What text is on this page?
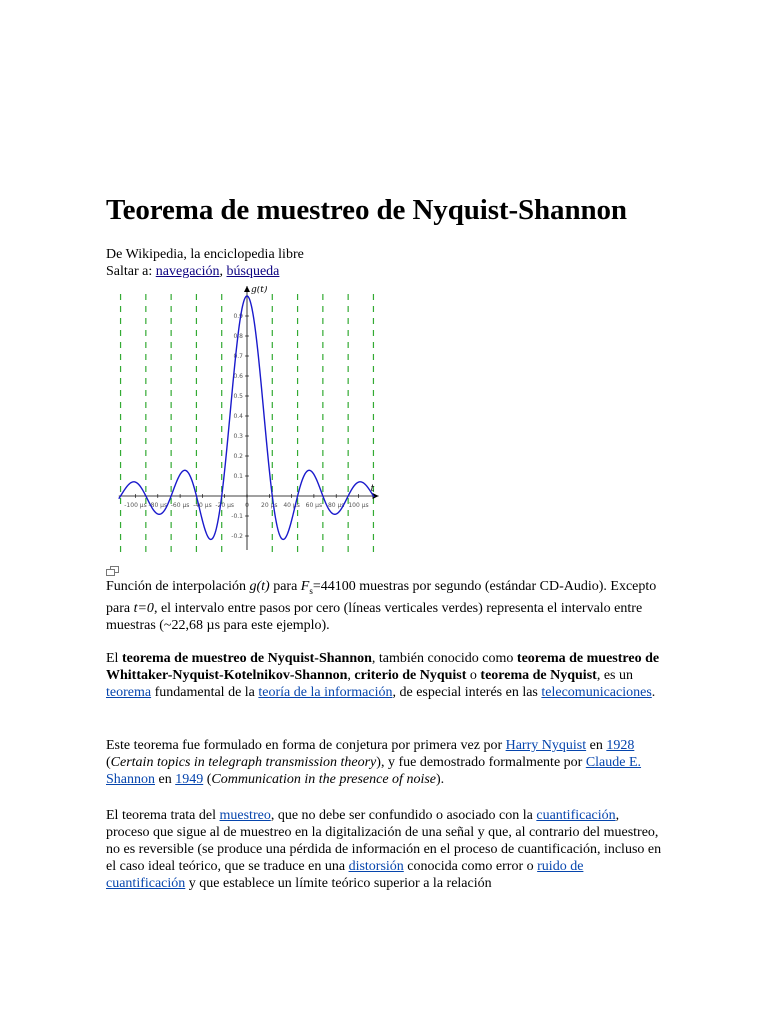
Teorema de muestreo de Nyquist-Shannon
De Wikipedia, la enciclopedia libre
Saltar a: navegación, búsqueda
0.9
0.8
0.7
0.6
0.5
0.4
0.3
0.2
0.1
-0.1
-0.2
-100 µs -80 µs -60 µs -40 µs -20 µs 0 20 µs 40 µs 60 µs 80 µs 100 µs
g(t)
t
Función de interpolación g(t) para $F_s=44100$ muestras por segundo (estándar CD-Audio). Excepto para t=0, el intervalo entre pasos por cero (líneas verticales verdes) representa el intervalo entre muestras (~22,68 µs para este ejemplo).

El teorema de muestreo de Nyquist-Shannon, también conocido como teorema de muestreo de Whittaker-Nyquist-Kotelnikov-Shannon, criterio de Nyquist o teorema de Nyquist, es un teorema fundamental de la teoría de la información, de especial interés en las telecomunicaciones.

Este teorema fue formulado en forma de conjetura por primera vez por Harry Nyquist en 1928 (Certain topics in telegraph transmission theory), y fue demostrado formalmente por Claude E. Shannon en 1949 (Communication in the presence of noise).

El teorema trata del muestreo, que no debe ser confundido o asociado con la cuantificación, proceso que sigue al de muestreo en la digitalización de una señal y que, al contrario del muestreo, no es reversible (se produce una pérdida de información en el proceso de cuantificación, incluso en el caso ideal teórico, que se traduce en una distorsión conocida como error o ruido de cuantificación y que establece un límite teórico superior a la relación
